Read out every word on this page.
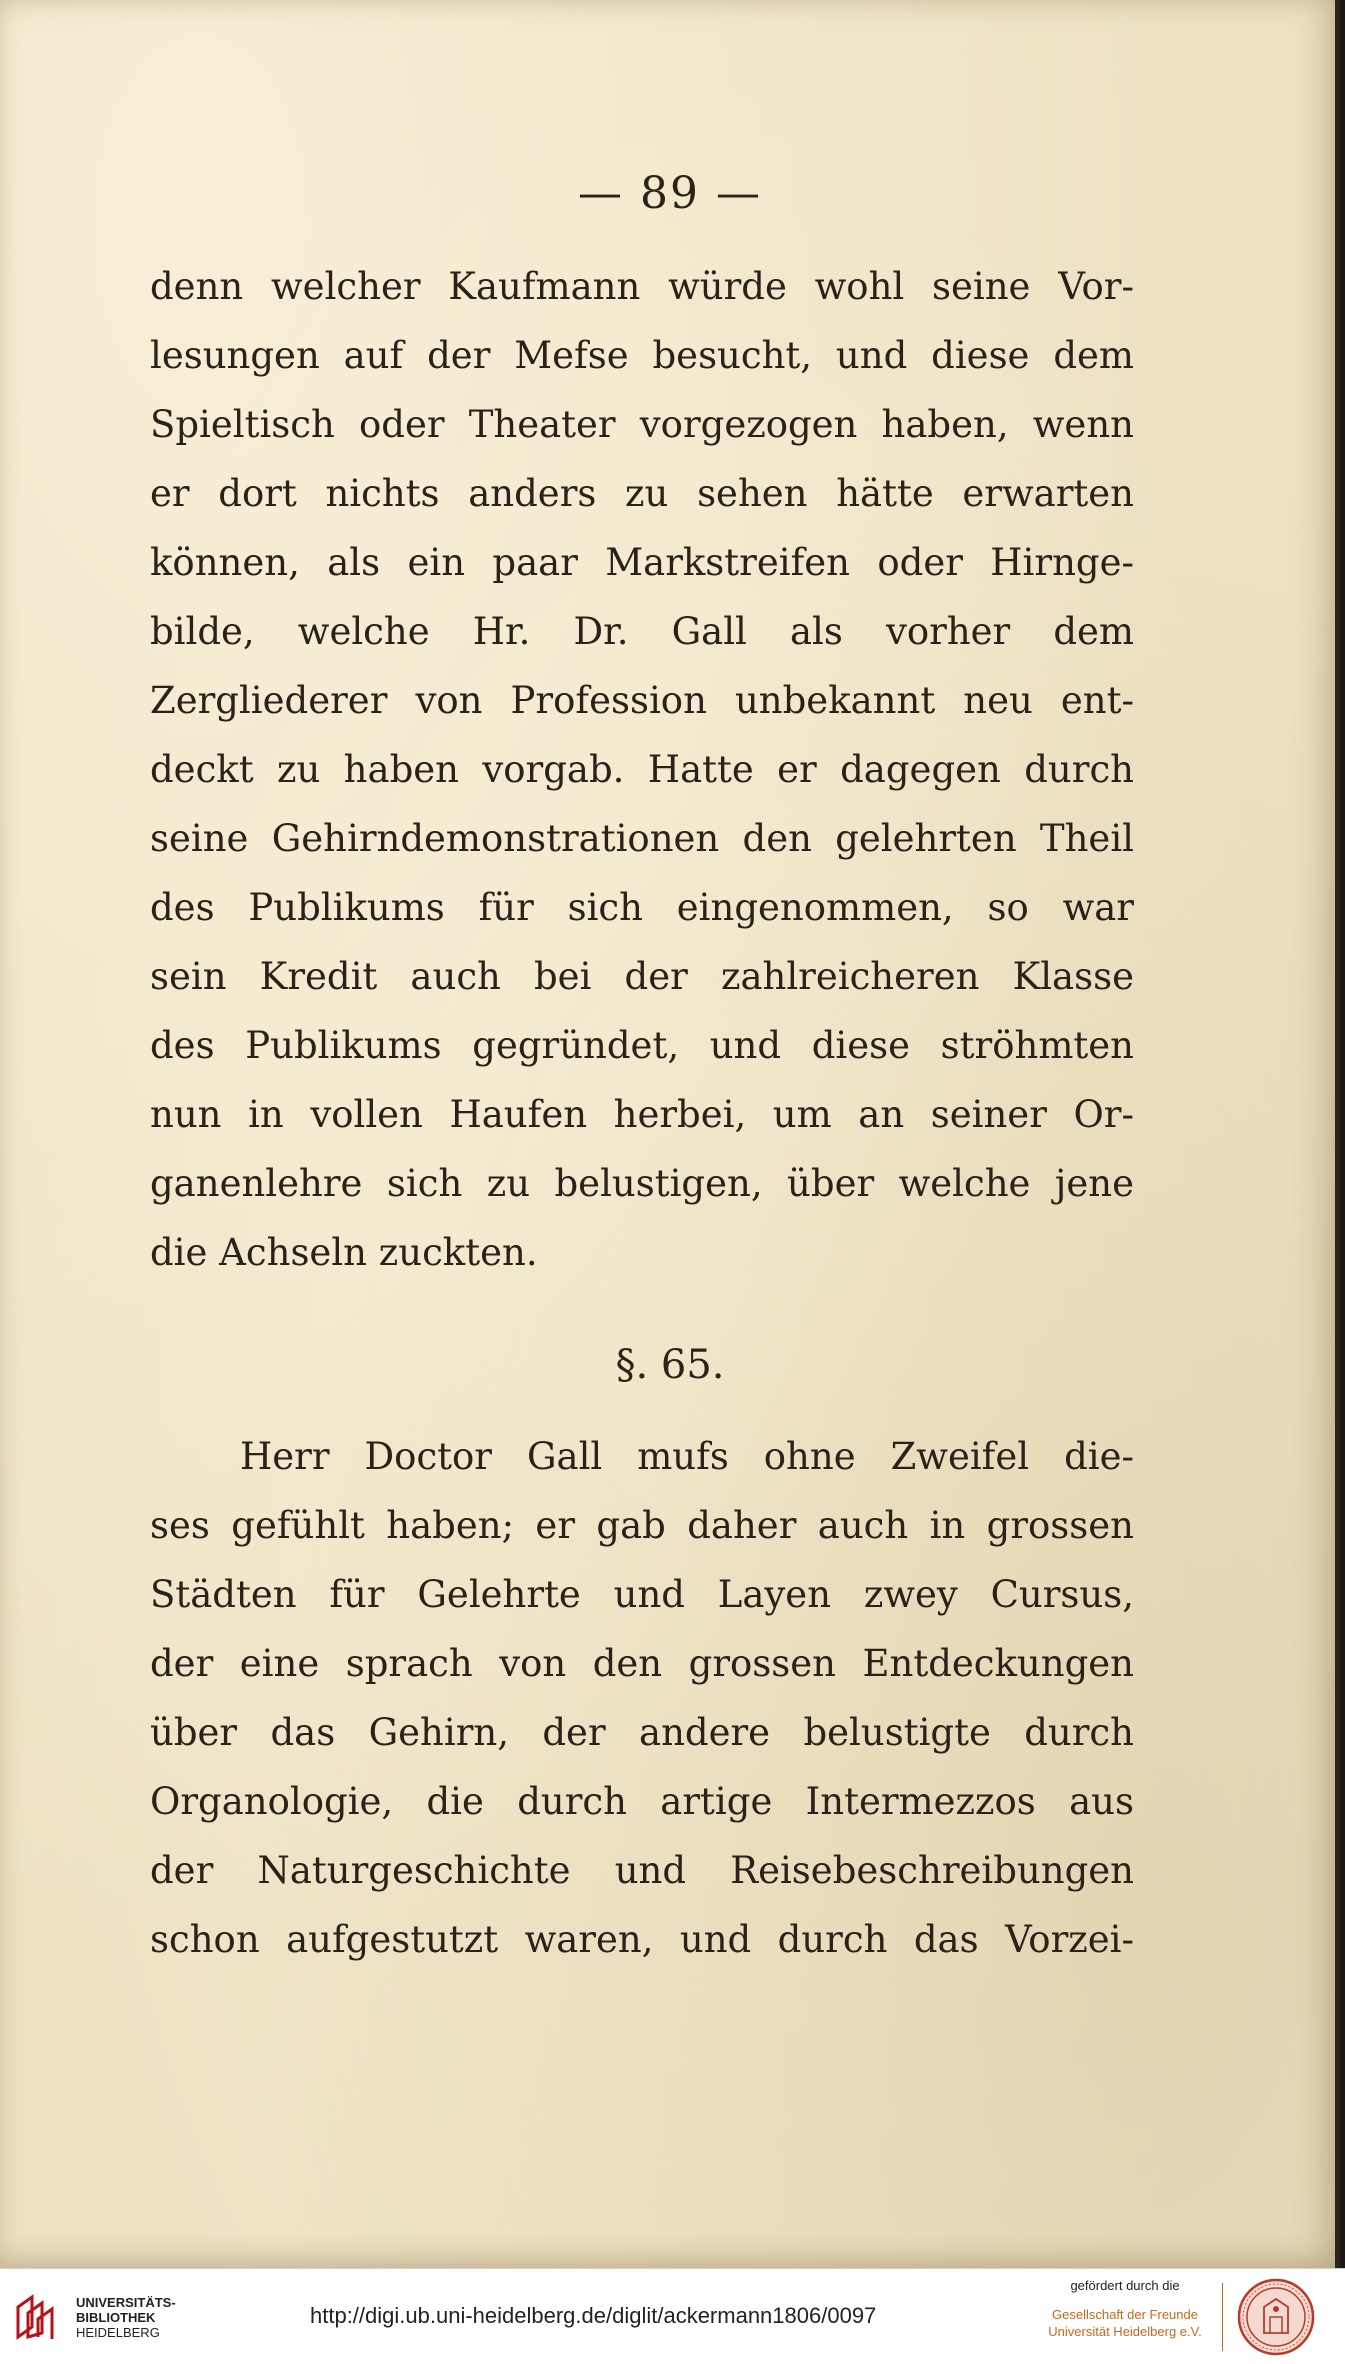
— 89 —
denn welcher Kaufmann würde wohl seine Vor-
lesungen auf der Mefse besucht, und diese dem
Spieltisch oder Theater vorgezogen haben, wenn
er dort nichts anders zu sehen hätte erwarten
können, als ein paar Markstreifen oder Hirnge-
bilde, welche Hr. Dr. Gall als vorher dem
Zergliederer von Profession unbekannt neu ent-
deckt zu haben vorgab. Hatte er dagegen durch
seine Gehirndemonstrationen den gelehrten Theil
des Publikums für sich eingenommen, so war
sein Kredit auch bei der zahlreicheren Klasse
des Publikums gegründet, und diese ströhmten
nun in vollen Haufen herbei, um an seiner Or-
ganenlehre sich zu belustigen, über welche jene
die Achseln zuckten.
§. 65.
Herr Doctor Gall mufs ohne Zweifel die-
ses gefühlt haben; er gab daher auch in grossen
Städten für Gelehrte und Layen zwey Cursus,
der eine sprach von den grossen Entdeckungen
über das Gehirn, der andere belustigte durch
Organologie, die durch artige Intermezzos aus
der Naturgeschichte und Reisebeschreibungen
schon aufgestutzt waren, und durch das Vorzei-
UNIVERSITÄTS-
BIBLIOTHEK
HEIDELBERG
http://digi.ub.uni-heidelberg.de/diglit/ackermann1806/0097
gefördert durch die
Gesellschaft der Freunde
Universität Heidelberg e.V.
